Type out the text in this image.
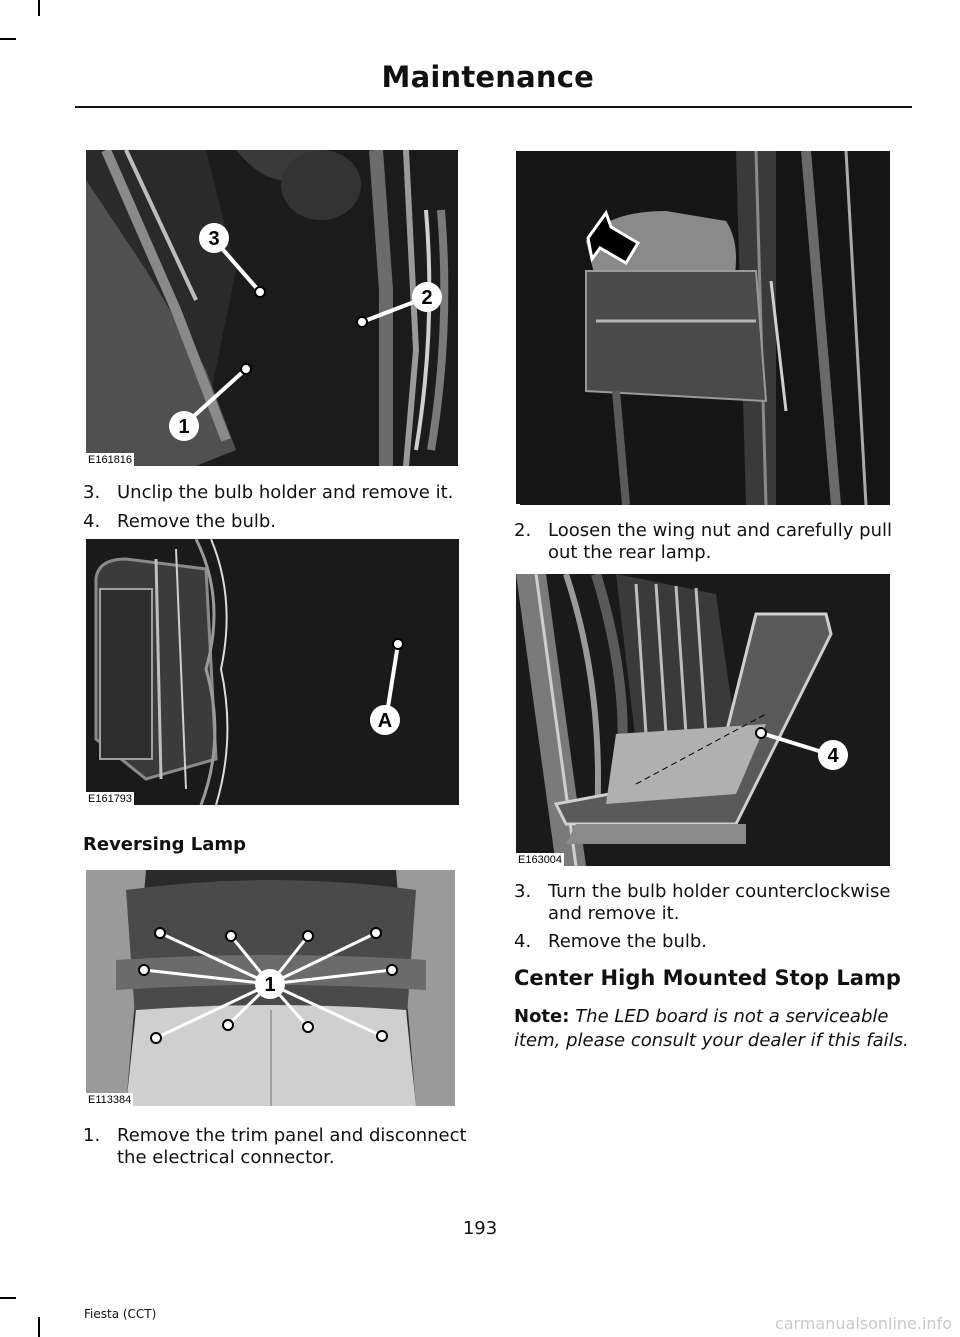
Maintenance
3
2
1
E161816
3. Unclip the bulb holder and remove it.
4. Remove the bulb.
A
E161793
Reversing Lamp
1
E113384
1. Remove the trim panel and disconnect the electrical connector.
2. Loosen the wing nut and carefully pull out the rear lamp.
4
E163004
3. Turn the bulb holder counterclockwise and remove it.
4. Remove the bulb.
Center High Mounted Stop Lamp
Note: The LED board is not a serviceable item, please consult your dealer if this fails.
193
Fiesta (CCT)	carmanualsonline.info
